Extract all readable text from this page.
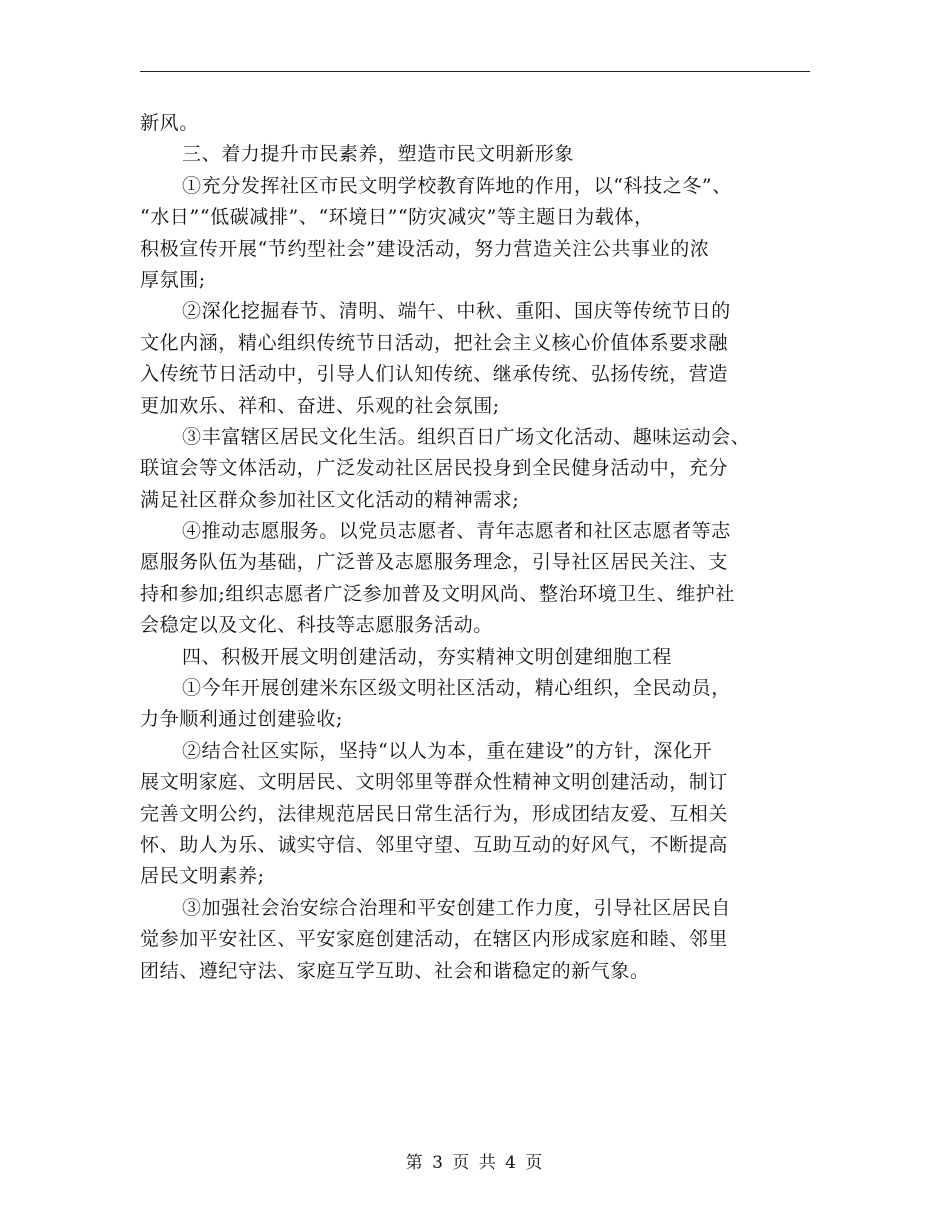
新风。
三、着力提升市民素养，塑造市民文明新形象
①充分发挥社区市民文明学校教育阵地的作用，以“科技之冬”、
“水日”“低碳减排”、“环境日”“防灾减灾”等主题日为载体，
积极宣传开展“节约型社会”建设活动，努力营造关注公共事业的浓
厚氛围;
②深化挖掘春节、清明、端午、中秋、重阳、国庆等传统节日的
文化内涵，精心组织传统节日活动，把社会主义核心价值体系要求融
入传统节日活动中，引导人们认知传统、继承传统、弘扬传统，营造
更加欢乐、祥和、奋进、乐观的社会氛围;
③丰富辖区居民文化生活。组织百日广场文化活动、趣味运动会、
联谊会等文体活动，广泛发动社区居民投身到全民健身活动中，充分
满足社区群众参加社区文化活动的精神需求;
④推动志愿服务。以党员志愿者、青年志愿者和社区志愿者等志
愿服务队伍为基础，广泛普及志愿服务理念，引导社区居民关注、支
持和参加;组织志愿者广泛参加普及文明风尚、整治环境卫生、维护社
会稳定以及文化、科技等志愿服务活动。
四、积极开展文明创建活动，夯实精神文明创建细胞工程
①今年开展创建米东区级文明社区活动，精心组织，全民动员，
力争顺利通过创建验收;
②结合社区实际，坚持“以人为本，重在建设”的方针，深化开
展文明家庭、文明居民、文明邻里等群众性精神文明创建活动，制订
完善文明公约，法律规范居民日常生活行为，形成团结友爱、互相关
怀、助人为乐、诚实守信、邻里守望、互助互动的好风气，不断提高
居民文明素养;
③加强社会治安综合治理和平安创建工作力度，引导社区居民自
觉参加平安社区、平安家庭创建活动，在辖区内形成家庭和睦、邻里
团结、遵纪守法、家庭互学互助、社会和谐稳定的新气象。
第 3 页 共 4 页
